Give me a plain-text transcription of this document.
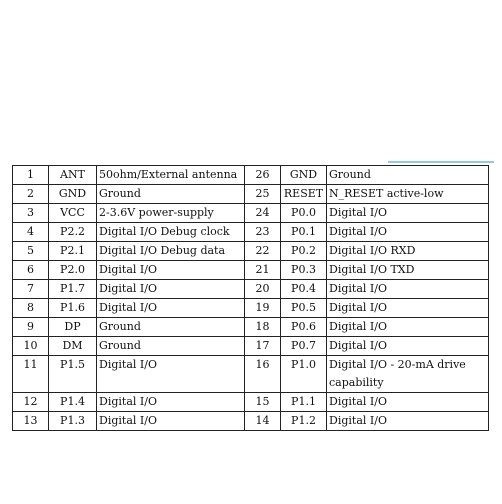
1	ANT	50ohm/External antenna	26	GND	Ground
2	GND	Ground	25	RESET	N_RESET active-low
3	VCC	2-3.6V power-supply	24	P0.0	Digital I/O
4	P2.2	Digital I/O Debug clock	23	P0.1	Digital I/O
5	P2.1	Digital I/O Debug data	22	P0.2	Digital I/O RXD
6	P2.0	Digital I/O	21	P0.3	Digital I/O TXD
7	P1.7	Digital I/O	20	P0.4	Digital I/O
8	P1.6	Digital I/O	19	P0.5	Digital I/O
9	DP	Ground	18	P0.6	Digital I/O
10	DM	Ground	17	P0.7	Digital I/O
11	P1.5	Digital I/O	16	P1.0	Digital I/O - 20-mA drive capability
12	P1.4	Digital I/O	15	P1.1	Digital I/O
13	P1.3	Digital I/O	14	P1.2	Digital I/O
